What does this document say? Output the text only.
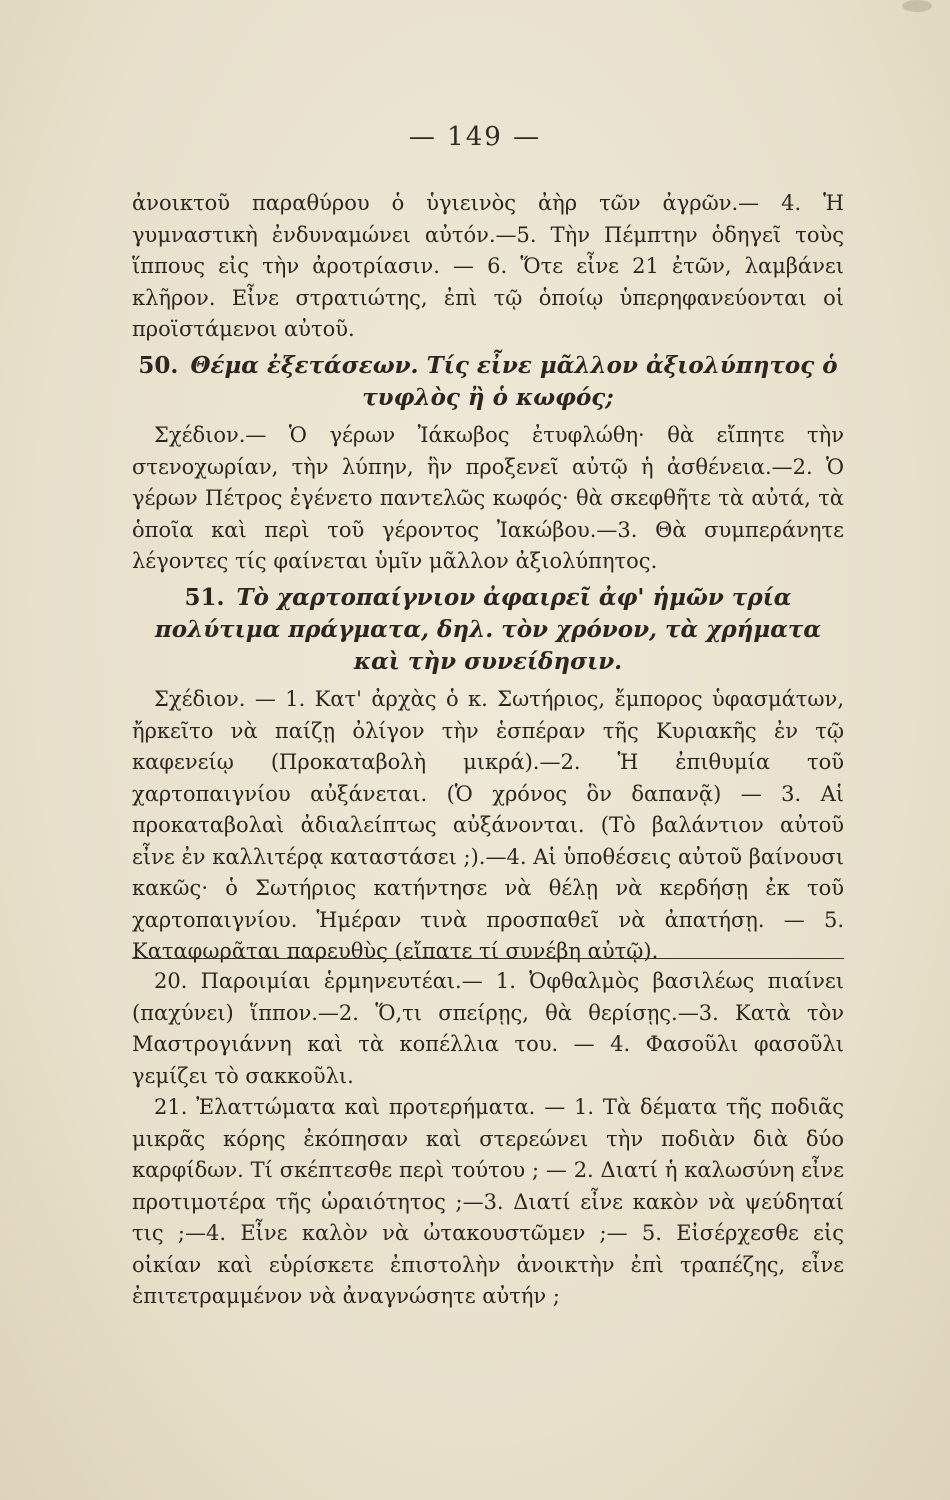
— 149 —

ἀνοικτοῦ παραθύρου ὁ ὑγιεινὸς ἀὴρ τῶν ἀγρῶν.— 4. Ἡ γυμναστικὴ ἐνδυναμώνει αὐτόν.—5. Τὴν Πέμπτην ὁδηγεῖ τοὺς ἵππους εἰς τὴν ἀροτρίασιν. — 6. Ὅτε εἶνε 21 ἐτῶν, λαμβάνει κλῆρον. Εἶνε στρατιώτης, ἐπὶ τῷ ὁποίῳ ὑπερηφανεύονται οἱ προϊστάμενοι αὐτοῦ.

50. Θέμα ἐξετάσεων. Τίς εἶνε μᾶλλον ἀξιολύπητος ὁ τυφλὸς ἢ ὁ κωφός;

Σχέδιον.— Ὁ γέρων Ἰάκωβος ἐτυφλώθη· θὰ εἴπητε τὴν στενοχωρίαν, τὴν λύπην, ἣν προξενεῖ αὐτῷ ἡ ἀσθένεια.—2. Ὁ γέρων Πέτρος ἐγένετο παντελῶς κωφός· θὰ σκεφθῆτε τὰ αὐτά, τὰ ὁποῖα καὶ περὶ τοῦ γέροντος Ἰακώβου.—3. Θὰ συμπεράνητε λέγοντες τίς φαίνεται ὑμῖν μᾶλλον ἀξιολύπητος.

51. Τὸ χαρτοπαίγνιον ἀφαιρεῖ ἀφ' ἡμῶν τρία πολύτιμα πράγματα, δηλ. τὸν χρόνον, τὰ χρήματα καὶ τὴν συνείδησιν.

Σχέδιον. — 1. Κατ' ἀρχὰς ὁ κ. Σωτήριος, ἔμπορος ὑφασμάτων, ἤρκεῖτο νὰ παίζῃ ὀλίγον τὴν ἑσπέραν τῆς Κυριακῆς ἐν τῷ καφενείῳ (Προκαταβολὴ μικρά).—2. Ἡ ἐπιθυμία τοῦ χαρτοπαιγνίου αὐξάνεται. (Ὁ χρόνος ὃν δαπανᾷ) — 3. Αἱ προκαταβολαὶ ἀδιαλείπτως αὐξάνονται. (Τὸ βαλάντιον αὐτοῦ εἶνε ἐν καλλιτέρᾳ καταστάσει ;).—4. Αἱ ὑποθέσεις αὐτοῦ βαίνουσι κακῶς· ὁ Σωτήριος κατήντησε νὰ θέλῃ νὰ κερδήσῃ ἐκ τοῦ χαρτοπαιγνίου. Ἡμέραν τινὰ προσπαθεῖ νὰ ἀπατήσῃ. — 5. Καταφωρᾶται παρευθὺς (εἴπατε τί συνέβη αὐτῷ).

20. Παροιμίαι ἑρμηνευτέαι.— 1. Ὀφθαλμὸς βασιλέως πιαίνει (παχύνει) ἵππον.—2. Ὅ,τι σπείρῃς, θὰ θερίσῃς.—3. Κατὰ τὸν Μαστρογιάννη καὶ τὰ κοπέλλια του. — 4. Φασοῦλι φασοῦλι γεμίζει τὸ σακκοῦλι.

21. Ἐλαττώματα καὶ προτερήματα. — 1. Τὰ δέματα τῆς ποδιᾶς μικρᾶς κόρης ἐκόπησαν καὶ στερεώνει τὴν ποδιὰν διὰ δύο καρφίδων. Τί σκέπτεσθε περὶ τούτου ; — 2. Διατί ἡ καλωσύνη εἶνε προτιμοτέρα τῆς ὡραιότητος ;—3. Διατί εἶνε κακὸν νὰ ψεύδηταί τις ;—4. Εἶνε καλὸν νὰ ὠτακουστῶμεν ;— 5. Εἰσέρχεσθε εἰς οἰκίαν καὶ εὑρίσκετε ἐπιστολὴν ἀνοικτὴν ἐπὶ τραπέζης, εἶνε ἐπιτετραμμένον νὰ ἀναγνώσητε αὐτήν ;
